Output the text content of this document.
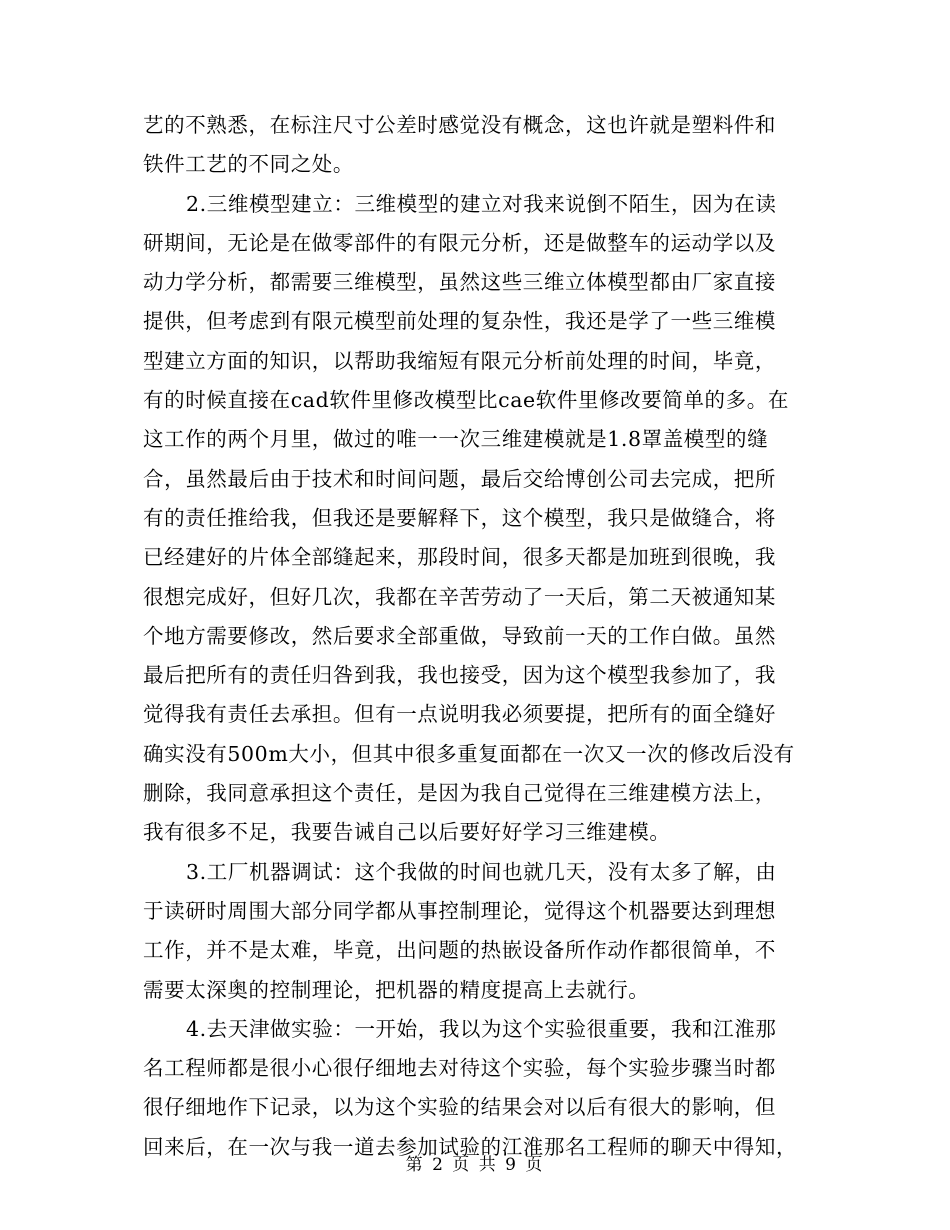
艺的不熟悉，在标注尺寸公差时感觉没有概念，这也许就是塑料件和
铁件工艺的不同之处。
2.三维模型建立：三维模型的建立对我来说倒不陌生，因为在读
研期间，无论是在做零部件的有限元分析，还是做整车的运动学以及
动力学分析，都需要三维模型，虽然这些三维立体模型都由厂家直接
提供，但考虑到有限元模型前处理的复杂性，我还是学了一些三维模
型建立方面的知识，以帮助我缩短有限元分析前处理的时间，毕竟，
有的时候直接在cad软件里修改模型比cae软件里修改要简单的多。在
这工作的两个月里，做过的唯一一次三维建模就是1.8罩盖模型的缝
合，虽然最后由于技术和时间问题，最后交给博创公司去完成，把所
有的责任推给我，但我还是要解释下，这个模型，我只是做缝合，将
已经建好的片体全部缝起来，那段时间，很多天都是加班到很晚，我
很想完成好，但好几次，我都在辛苦劳动了一天后，第二天被通知某
个地方需要修改，然后要求全部重做，导致前一天的工作白做。虽然
最后把所有的责任归咎到我，我也接受，因为这个模型我参加了，我
觉得我有责任去承担。但有一点说明我必须要提，把所有的面全缝好
确实没有500m大小，但其中很多重复面都在一次又一次的修改后没有
删除，我同意承担这个责任，是因为我自己觉得在三维建模方法上，
我有很多不足，我要告诫自己以后要好好学习三维建模。
3.工厂机器调试：这个我做的时间也就几天，没有太多了解，由
于读研时周围大部分同学都从事控制理论，觉得这个机器要达到理想
工作，并不是太难，毕竟，出问题的热嵌设备所作动作都很简单，不
需要太深奥的控制理论，把机器的精度提高上去就行。
4.去天津做实验：一开始，我以为这个实验很重要，我和江淮那
名工程师都是很小心很仔细地去对待这个实验，每个实验步骤当时都
很仔细地作下记录，以为这个实验的结果会对以后有很大的影响，但
回来后，在一次与我一道去参加试验的江淮那名工程师的聊天中得知，
第 2 页 共 9 页
